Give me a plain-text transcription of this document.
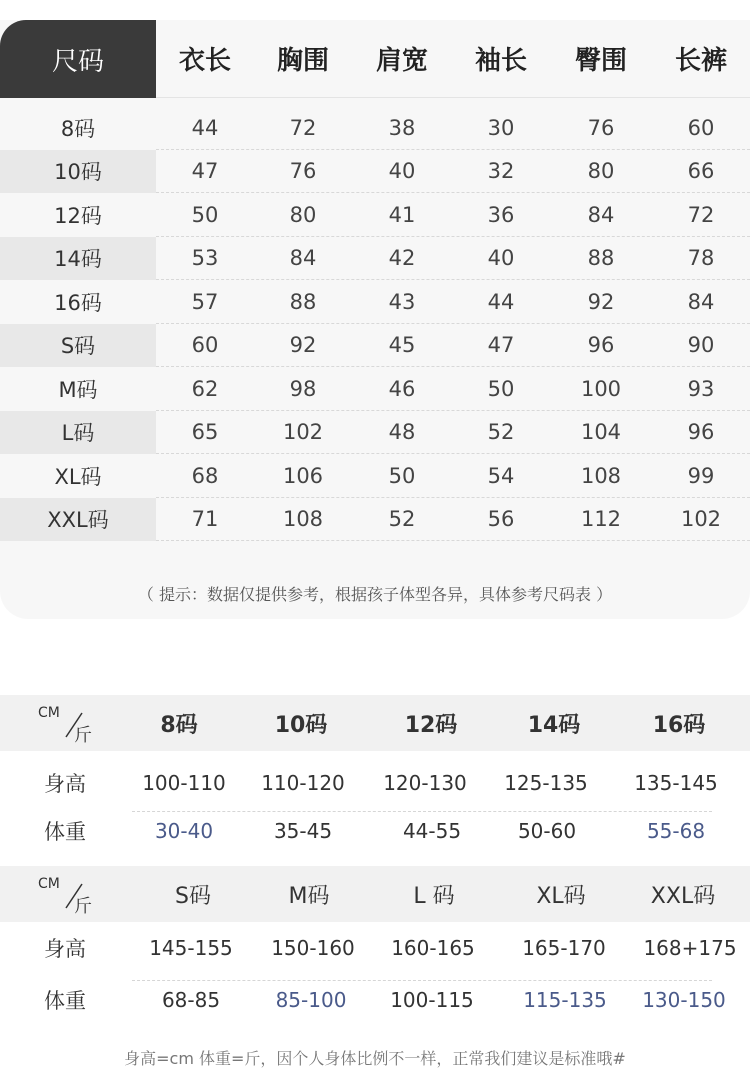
尺码	衣长	胸围	肩宽	袖长	臀围	长裤
8码	44	72	38	30	76	60
10码	47	76	40	32	80	66
12码	50	80	41	36	84	72
14码	53	84	42	40	88	78
16码	57	88	43	44	92	84
S码	60	92	45	47	96	90
M码	62	98	46	50	100	93
L码	65	102	48	52	104	96
XL码	68	106	50	54	108	99
XXL码	71	108	52	56	112	102
（ 提示：数据仅提供参考，根据孩子体型各异，具体参考尺码表 ）
CM
斤	8码	10码	12码	14码	16码
身高	100-110	110-120	120-130	125-135	135-145
体重	30-40	35-45	44-55	50-60	55-68
CM
斤	S码	M码	L 码	XL码	XXL码
身高	145-155	150-160	160-165	165-170	168+175
体重	68-85	85-100	100-115	115-135	130-150
身高=cm 体重=斤，因个人身体比例不一样，正常我们建议是标准哦#
